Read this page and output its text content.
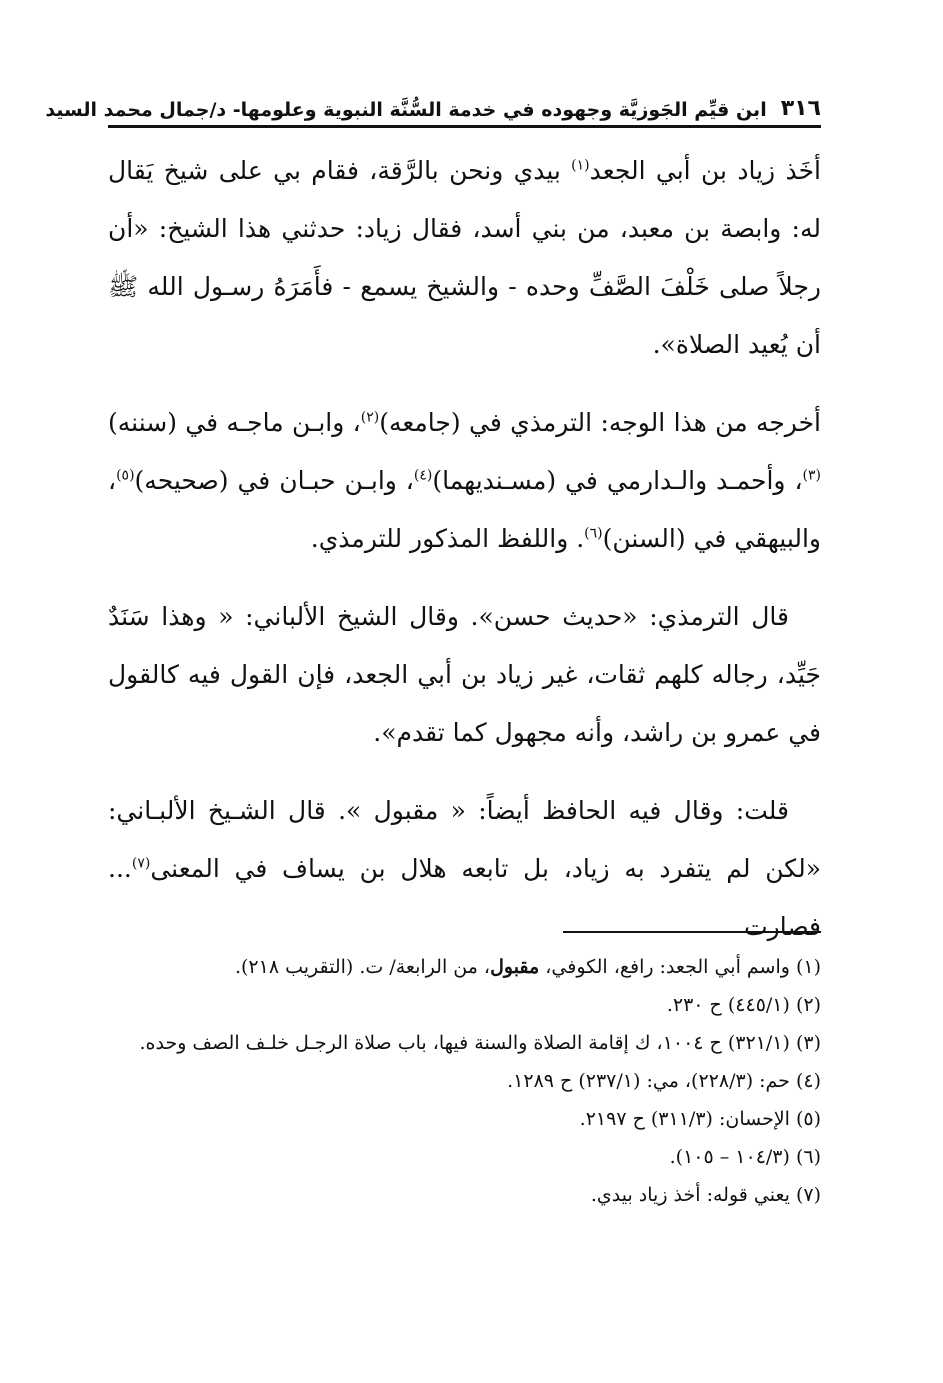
٣١٦
ابن قيِّم الجَوزيَّة وجهوده في خدمة السُّنَّة النبوية وعلومها- د/جمال محمد السيد

أخَذ زياد بن أبي الجعد$^{(١)}$ بيدي ونحن بالرَّقة، فقام بي على شيخ يَقال له: وابصة بن معبد، من بني أسد، فقال زياد: حدثني هذا الشيخ: «أن رجلاً صلى خَلْفَ الصَّفِّ وحده - والشيخ يسمع - فأَمَرَهُ رسـول الله ﷺ أن يُعيد الصلاة».

أخرجه من هذا الوجه: الترمذي في (جامعه)$^{(٢)}$، وابـن ماجـه في (سننه)$^{(٣)}$، وأحمـد والـدارمي في (مسـنديهما)$^{(٤)}$، وابـن حبـان في (صحيحه)$^{(٥)}$، والبيهقي في (السنن)$^{(٦)}$. واللفظ المذكور للترمذي.

قال الترمذي: «حديث حسن». وقال الشيخ الألباني: « وهذا سَنَدٌ جَيِّد، رجاله كلهم ثقات، غير زياد بن أبي الجعد، فإن القول فيه كالقول في عمرو بن راشد، وأنه مجهول كما تقدم».

قلت: وقال فيه الحافظ أيضاً: « مقبول ». قال الشـيخ الألبـاني: «لكن لم يتفرد به زياد، بل تابعه هلال بن يساف في المعنى$^{(٧)}$... فصارت

(١)واسم أبي الجعد: رافع، الكوفي، مقبول، من الرابعة/ ت. (التقريب ٢١٨).
(٢)(٤٤٥/١) ح ٢٣٠.
(٣)(٣٢١/١) ح ١٠٠٤، ك إقامة الصلاة والسنة فيها، باب صلاة الرجـل خلـف الصف وحده.
(٤)حم: (٢٢٨/٣)، مي: (٢٣٧/١) ح ١٢٨٩.
(٥)الإحسان: (٣١١/٣) ح ٢١٩٧.
(٦)(١٠٤/٣ – ١٠٥).
(٧)يعني قوله: أخذ زياد بيدي.
